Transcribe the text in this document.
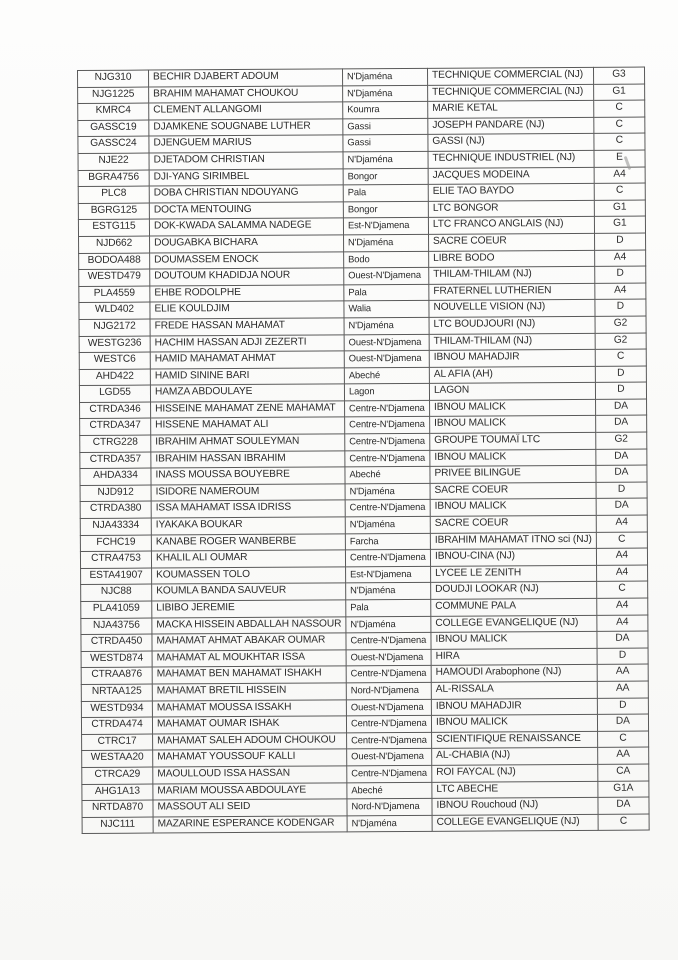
NJG310	BECHIR DJABERT ADOUM	N'Djaména	TECHNIQUE COMMERCIAL (NJ)	G3
NJG1225	BRAHIM MAHAMAT CHOUKOU	N'Djaména	TECHNIQUE COMMERCIAL (NJ)	G1
KMRC4	CLEMENT ALLANGOMI	Koumra	MARIE KETAL	C
GASSC19	DJAMKENE SOUGNABE LUTHER	Gassi	JOSEPH PANDARE (NJ)	C
GASSC24	DJENGUEM MARIUS	Gassi	GASSI (NJ)	C
NJE22	DJETADOM CHRISTIAN	N'Djaména	TECHNIQUE INDUSTRIEL (NJ)	E
BGRA4756	DJI-YANG SIRIMBEL	Bongor	JACQUES MODEINA	A4
PLC8	DOBA CHRISTIAN NDOUYANG	Pala	ELIE TAO BAYDO	C
BGRG125	DOCTA MENTOUING	Bongor	LTC BONGOR	G1
ESTG115	DOK-KWADA SALAMMA NADEGE	Est-N'Djamena	LTC FRANCO ANGLAIS (NJ)	G1
NJD662	DOUGABKA BICHARA	N'Djaména	SACRE COEUR	D
BODOA488	DOUMASSEM ENOCK	Bodo	LIBRE BODO	A4
WESTD479	DOUTOUM KHADIDJA NOUR	Ouest-N'Djamena	THILAM-THILAM (NJ)	D
PLA4559	EHBE RODOLPHE	Pala	FRATERNEL LUTHERIEN	A4
WLD402	ELIE KOULDJIM	Walia	NOUVELLE VISION (NJ)	D
NJG2172	FREDE HASSAN MAHAMAT	N'Djaména	LTC BOUDJOURI (NJ)	G2
WESTG236	HACHIM HASSAN ADJI ZEZERTI	Ouest-N'Djamena	THILAM-THILAM (NJ)	G2
WESTC6	HAMID MAHAMAT AHMAT	Ouest-N'Djamena	IBNOU MAHADJIR	C
AHD422	HAMID SININE BARI	Abeché	AL AFIA (AH)	D
LGD55	HAMZA ABDOULAYE	Lagon	LAGON	D
CTRDA346	HISSEINE MAHAMAT ZENE MAHAMAT	Centre-N'Djamena	IBNOU MALICK	DA
CTRDA347	HISSENE MAHAMAT ALI	Centre-N'Djamena	IBNOU MALICK	DA
CTRG228	IBRAHIM AHMAT SOULEYMAN	Centre-N'Djamena	GROUPE TOUMAÏ LTC	G2
CTRDA357	IBRAHIM HASSAN IBRAHIM	Centre-N'Djamena	IBNOU MALICK	DA
AHDA334	INASS MOUSSA BOUYEBRE	Abeché	PRIVEE BILINGUE	DA
NJD912	ISIDORE NAMEROUM	N'Djaména	SACRE COEUR	D
CTRDA380	ISSA MAHAMAT ISSA IDRISS	Centre-N'Djamena	IBNOU MALICK	DA
NJA43334	IYAKAKA BOUKAR	N'Djaména	SACRE COEUR	A4
FCHC19	KANABE ROGER WANBERBE	Farcha	IBRAHIM MAHAMAT ITNO sci (NJ)	C
CTRA4753	KHALIL ALI OUMAR	Centre-N'Djamena	IBNOU-CINA (NJ)	A4
ESTA41907	KOUMASSEN TOLO	Est-N'Djamena	LYCEE LE ZENITH	A4
NJC88	KOUMLA BANDA SAUVEUR	N'Djaména	DOUDJI LOOKAR (NJ)	C
PLA41059	LIBIBO JEREMIE	Pala	COMMUNE PALA	A4
NJA43756	MACKA HISSEIN ABDALLAH NASSOUR	N'Djaména	COLLEGE EVANGELIQUE (NJ)	A4
CTRDA450	MAHAMAT AHMAT ABAKAR OUMAR	Centre-N'Djamena	IBNOU MALICK	DA
WESTD874	MAHAMAT AL MOUKHTAR ISSA	Ouest-N'Djamena	HIRA	D
CTRAA876	MAHAMAT BEN MAHAMAT ISHAKH	Centre-N'Djamena	HAMOUDI Arabophone (NJ)	AA
NRTAA125	MAHAMAT BRETIL HISSEIN	Nord-N'Djamena	AL-RISSALA	AA
WESTD934	MAHAMAT MOUSSA ISSAKH	Ouest-N'Djamena	IBNOU MAHADJIR	D
CTRDA474	MAHAMAT OUMAR ISHAK	Centre-N'Djamena	IBNOU MALICK	DA
CTRC17	MAHAMAT SALEH ADOUM CHOUKOU	Centre-N'Djamena	SCIENTIFIQUE RENAISSANCE	C
WESTAA20	MAHAMAT YOUSSOUF KALLI	Ouest-N'Djamena	AL-CHABIA (NJ)	AA
CTRCA29	MAOULLOUD ISSA HASSAN	Centre-N'Djamena	ROI FAYCAL (NJ)	CA
AHG1A13	MARIAM MOUSSA ABDOULAYE	Abeché	LTC ABECHE	G1A
NRTDA870	MASSOUT ALI SEID	Nord-N'Djamena	IBNOU Rouchoud (NJ)	DA
NJC111	MAZARINE ESPERANCE KODENGAR	N'Djaména	COLLEGE EVANGELIQUE (NJ)	C
